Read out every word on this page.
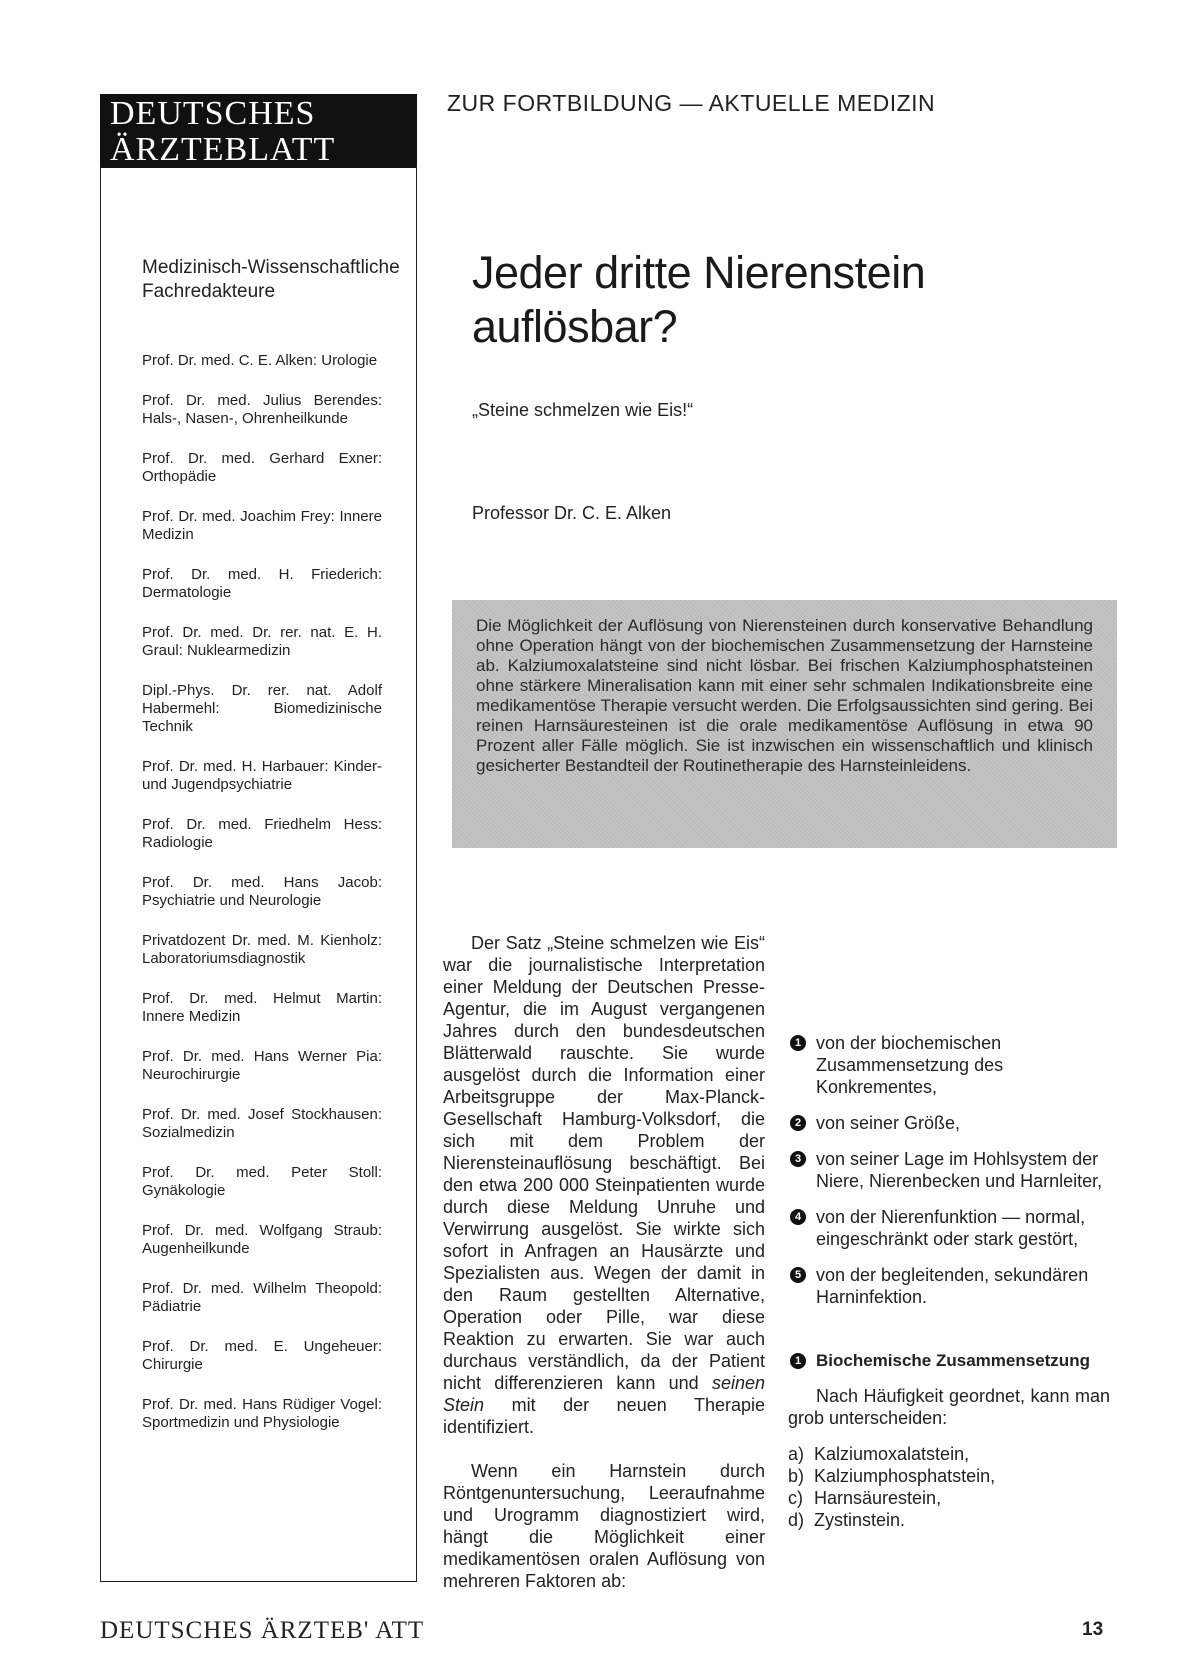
DEUTSCHES
ÄRZTEBLATT
Medizinisch-Wissenschaftliche Fachredakteure
Prof. Dr. med. C. E. Alken: Urologie
Prof. Dr. med. Julius Berendes: Hals-, Nasen-, Ohrenheilkunde
Prof. Dr. med. Gerhard Exner: Orthopädie
Prof. Dr. med. Joachim Frey: Innere Medizin
Prof. Dr. med. H. Friederich: Dermatologie
Prof. Dr. med. Dr. rer. nat. E. H. Graul: Nuklearmedizin
Dipl.-Phys. Dr. rer. nat. Adolf Habermehl: Biomedizinische Technik
Prof. Dr. med. H. Harbauer: Kinder- und Jugendpsychiatrie
Prof. Dr. med. Friedhelm Hess: Radiologie
Prof. Dr. med. Hans Jacob: Psychiatrie und Neurologie
Privatdozent Dr. med. M. Kienholz: Laboratoriumsdiagnostik
Prof. Dr. med. Helmut Martin: Innere Medizin
Prof. Dr. med. Hans Werner Pia: Neurochirurgie
Prof. Dr. med. Josef Stockhausen: Sozialmedizin
Prof. Dr. med. Peter Stoll: Gynäkologie
Prof. Dr. med. Wolfgang Straub: Augenheilkunde
Prof. Dr. med. Wilhelm Theopold: Pädiatrie
Prof. Dr. med. E. Ungeheuer: Chirurgie
Prof. Dr. med. Hans Rüdiger Vogel: Sportmedizin und Physiologie
ZUR FORTBILDUNG — AKTUELLE MEDIZIN
Jeder dritte Nierenstein auflösbar?
„Steine schmelzen wie Eis!“
Professor Dr. C. E. Alken

Die Möglichkeit der Auflösung von Nierensteinen durch konservative Behandlung ohne Operation hängt von der biochemischen Zusammensetzung der Harnsteine ab. Kalziumoxalatsteine sind nicht lösbar. Bei frischen Kalziumphosphatsteinen ohne stärkere Mineralisation kann mit einer sehr schmalen Indikationsbreite eine medikamentöse Therapie versucht werden. Die Erfolgsaussichten sind gering. Bei reinen Harnsäuresteinen ist die orale medikamentöse Auflösung in etwa 90 Prozent aller Fälle möglich. Sie ist inzwischen ein wissenschaftlich und klinisch gesicherter Bestandteil der Routinetherapie des Harnsteinleidens.

Der Satz „Steine schmelzen wie Eis“ war die journalistische Interpretation einer Meldung der Deutschen Presse-Agentur, die im August vergangenen Jahres durch den bundesdeutschen Blätterwald rauschte. Sie wurde ausgelöst durch die Information einer Arbeitsgruppe der Max-Planck-Gesellschaft Hamburg-Volksdorf, die sich mit dem Problem der Nierensteinauflösung beschäftigt. Bei den etwa 200 000 Steinpatienten wurde durch diese Meldung Unruhe und Verwirrung ausgelöst. Sie wirkte sich sofort in Anfragen an Hausärzte und Spezialisten aus. Wegen der damit in den Raum gestellten Alternative, Operation oder Pille, war diese Reaktion zu erwarten. Sie war auch durchaus verständlich, da der Patient nicht differenzieren kann und seinen Stein mit der neuen Therapie identifiziert.

Wenn ein Harnstein durch Röntgenuntersuchung, Leeraufnahme und Urogramm diagnostiziert wird, hängt die Möglichkeit einer medikamentösen oralen Auflösung von mehreren Faktoren ab:

1 von der biochemischen Zusammensetzung des Konkrementes,
2 von seiner Größe,
3 von seiner Lage im Hohlsystem der Niere, Nierenbecken und Harnleiter,
4 von der Nierenfunktion — normal, eingeschränkt oder stark gestört,
5 von der begleitenden, sekundären Harninfektion.
1 Biochemische Zusammensetzung

Nach Häufigkeit geordnet, kann man grob unterscheiden:

a) Kalziumoxalatstein,
b) Kalziumphosphatstein,
c) Harnsäurestein,
d) Zystinstein.
DEUTSCHES ÄRZTEB' ATT	13
